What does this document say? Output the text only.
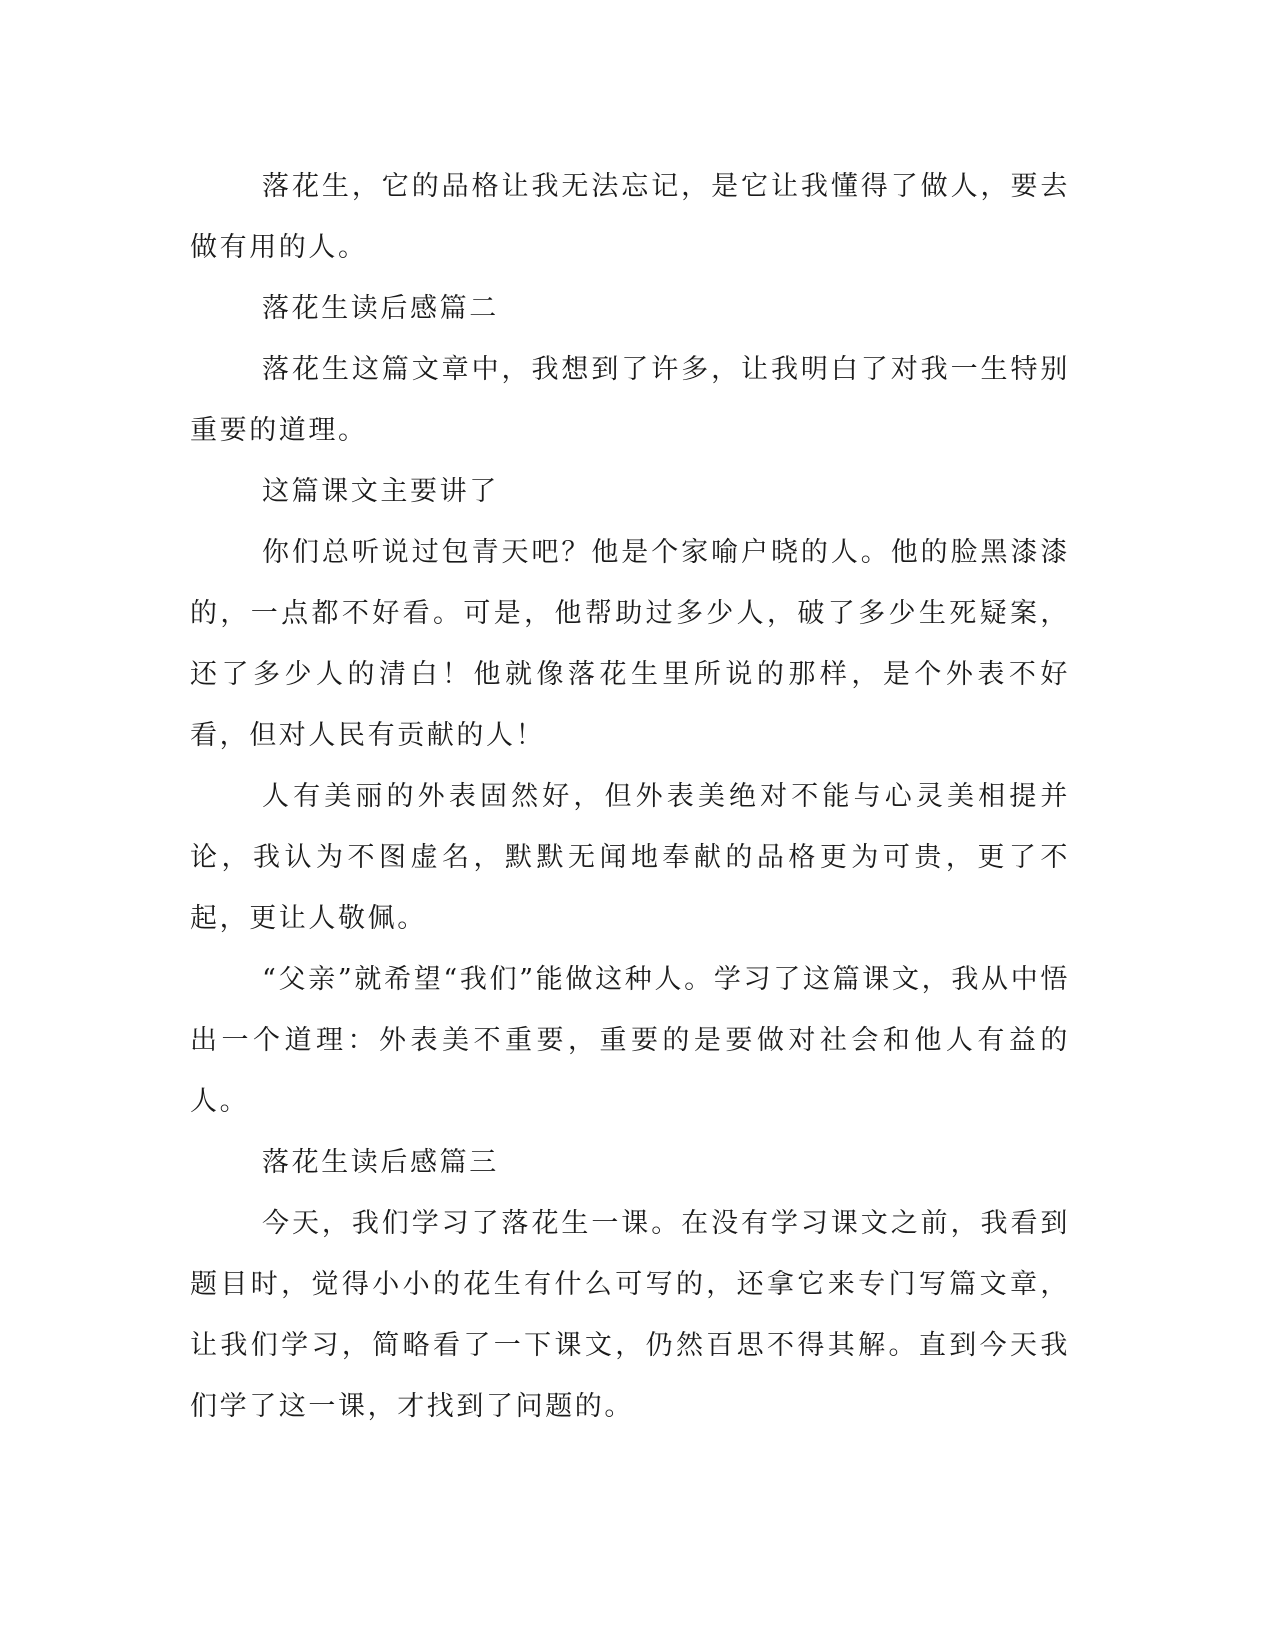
落花生，它的品格让我无法忘记，是它让我懂得了做人，要去做有用的人。

落花生读后感篇二

落花生这篇文章中，我想到了许多，让我明白了对我一生特别重要的道理。

这篇课文主要讲了

你们总听说过包青天吧？他是个家喻户晓的人。他的脸黑漆漆的，一点都不好看。可是，他帮助过多少人，破了多少生死疑案，还了多少人的清白！他就像落花生里所说的那样，是个外表不好看，但对人民有贡献的人！

人有美丽的外表固然好，但外表美绝对不能与心灵美相提并论，我认为不图虚名，默默无闻地奉献的品格更为可贵，更了不起，更让人敬佩。

“父亲”就希望“我们”能做这种人。学习了这篇课文，我从中悟出一个道理：外表美不重要，重要的是要做对社会和他人有益的人。

落花生读后感篇三

今天，我们学习了落花生一课。在没有学习课文之前，我看到题目时，觉得小小的花生有什么可写的，还拿它来专门写篇文章，让我们学习，简略看了一下课文，仍然百思不得其解。直到今天我们学了这一课，才找到了问题的。
